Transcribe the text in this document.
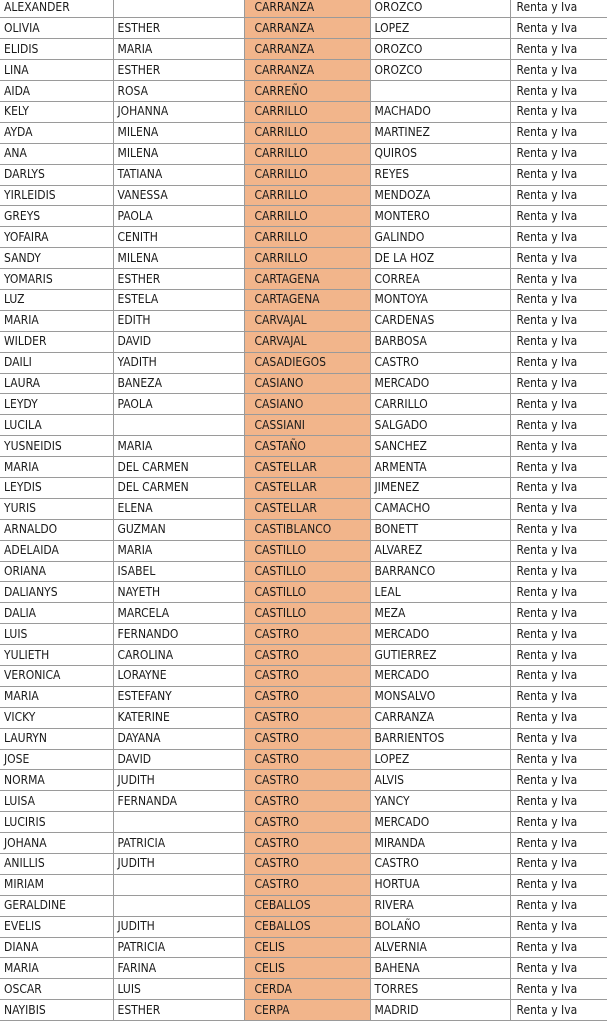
ALEXANDER		CARRANZA	OROZCO	Renta y Iva
OLIVIA	ESTHER	CARRANZA	LOPEZ	Renta y Iva
ELIDIS	MARIA	CARRANZA	OROZCO	Renta y Iva
LINA	ESTHER	CARRANZA	OROZCO	Renta y Iva
AIDA	ROSA	CARREÑO		Renta y Iva
KELY	JOHANNA	CARRILLO	MACHADO	Renta y Iva
AYDA	MILENA	CARRILLO	MARTINEZ	Renta y Iva
ANA	MILENA	CARRILLO	QUIROS	Renta y Iva
DARLYS	TATIANA	CARRILLO	REYES	Renta y Iva
YIRLEIDIS	VANESSA	CARRILLO	MENDOZA	Renta y Iva
GREYS	PAOLA	CARRILLO	MONTERO	Renta y Iva
YOFAIRA	CENITH	CARRILLO	GALINDO	Renta y Iva
SANDY	MILENA	CARRILLO	DE LA HOZ	Renta y Iva
YOMARIS	ESTHER	CARTAGENA	CORREA	Renta y Iva
LUZ	ESTELA	CARTAGENA	MONTOYA	Renta y Iva
MARIA	EDITH	CARVAJAL	CARDENAS	Renta y Iva
WILDER	DAVID	CARVAJAL	BARBOSA	Renta y Iva
DAILI	YADITH	CASADIEGOS	CASTRO	Renta y Iva
LAURA	BANEZA	CASIANO	MERCADO	Renta y Iva
LEYDY	PAOLA	CASIANO	CARRILLO	Renta y Iva
LUCILA		CASSIANI	SALGADO	Renta y Iva
YUSNEIDIS	MARIA	CASTAÑO	SANCHEZ	Renta y Iva
MARIA	DEL CARMEN	CASTELLAR	ARMENTA	Renta y Iva
LEYDIS	DEL CARMEN	CASTELLAR	JIMENEZ	Renta y Iva
YURIS	ELENA	CASTELLAR	CAMACHO	Renta y Iva
ARNALDO	GUZMAN	CASTIBLANCO	BONETT	Renta y Iva
ADELAIDA	MARIA	CASTILLO	ALVAREZ	Renta y Iva
ORIANA	ISABEL	CASTILLO	BARRANCO	Renta y Iva
DALIANYS	NAYETH	CASTILLO	LEAL	Renta y Iva
DALIA	MARCELA	CASTILLO	MEZA	Renta y Iva
LUIS	FERNANDO	CASTRO	MERCADO	Renta y Iva
YULIETH	CAROLINA	CASTRO	GUTIERREZ	Renta y Iva
VERONICA	LORAYNE	CASTRO	MERCADO	Renta y Iva
MARIA	ESTEFANY	CASTRO	MONSALVO	Renta y Iva
VICKY	KATERINE	CASTRO	CARRANZA	Renta y Iva
LAURYN	DAYANA	CASTRO	BARRIENTOS	Renta y Iva
JOSE	DAVID	CASTRO	LOPEZ	Renta y Iva
NORMA	JUDITH	CASTRO	ALVIS	Renta y Iva
LUISA	FERNANDA	CASTRO	YANCY	Renta y Iva
LUCIRIS		CASTRO	MERCADO	Renta y Iva
JOHANA	PATRICIA	CASTRO	MIRANDA	Renta y Iva
ANILLIS	JUDITH	CASTRO	CASTRO	Renta y Iva
MIRIAM		CASTRO	HORTUA	Renta y Iva
GERALDINE		CEBALLOS	RIVERA	Renta y Iva
EVELIS	JUDITH	CEBALLOS	BOLAÑO	Renta y Iva
DIANA	PATRICIA	CELIS	ALVERNIA	Renta y Iva
MARIA	FARINA	CELIS	BAHENA	Renta y Iva
OSCAR	LUIS	CERDA	TORRES	Renta y Iva
NAYIBIS	ESTHER	CERPA	MADRID	Renta y Iva
